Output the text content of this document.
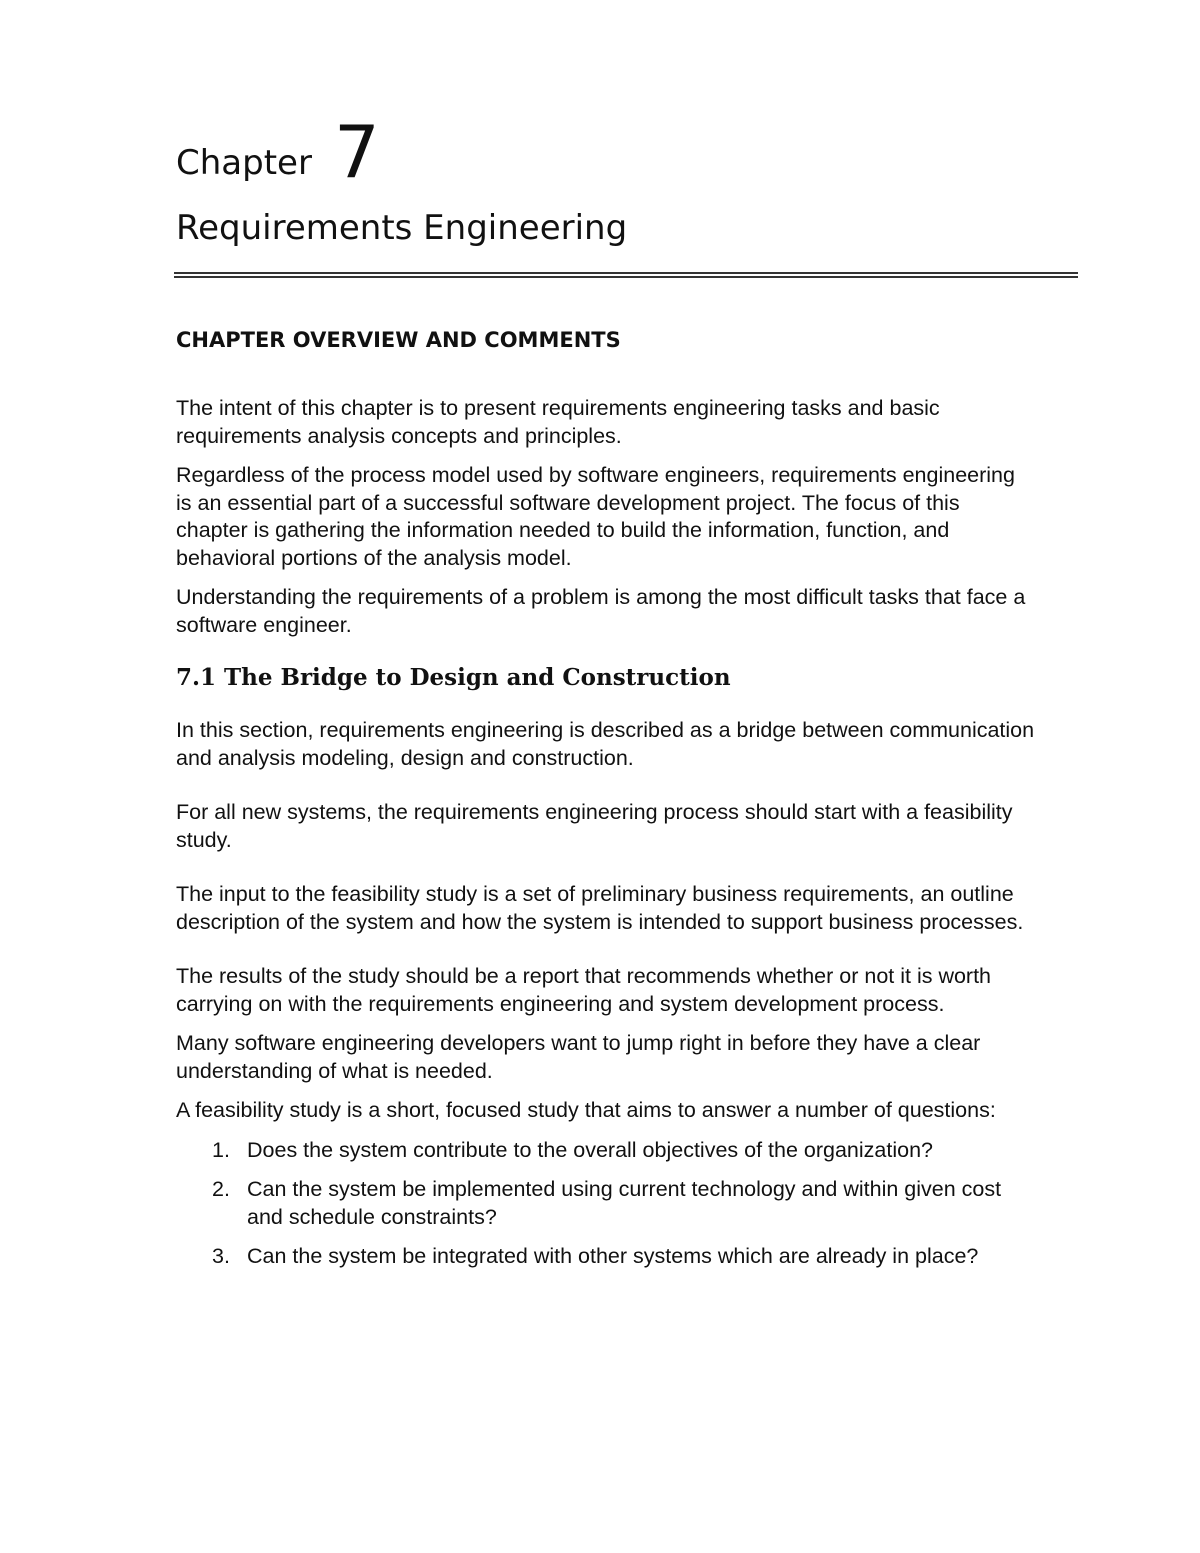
Chapter 7
Requirements Engineering
CHAPTER OVERVIEW AND COMMENTS

The intent of this chapter is to present requirements engineering tasks and basic requirements analysis concepts and principles.

Regardless of the process model used by software engineers, requirements engineering is an essential part of a successful software development project. The focus of this chapter is gathering the information needed to build the information, function, and behavioral portions of the analysis model.

Understanding the requirements of a problem is among the most difficult tasks that face a software engineer.

7.1 The Bridge to Design and Construction

In this section, requirements engineering is described as a bridge between communication and analysis modeling, design and construction.

For all new systems, the requirements engineering process should start with a feasibility study.

The input to the feasibility study is a set of preliminary business requirements, an outline description of the system and how the system is intended to support business processes.

The results of the study should be a report that recommends whether or not it is worth carrying on with the requirements engineering and system development process.

Many software engineering developers want to jump right in before they have a clear understanding of what is needed.

A feasibility study is a short, focused study that aims to answer a number of questions:

1. Does the system contribute to the overall objectives of the organization?
2. Can the system be implemented using current technology and within given cost and schedule constraints?
3. Can the system be integrated with other systems which are already in place?
